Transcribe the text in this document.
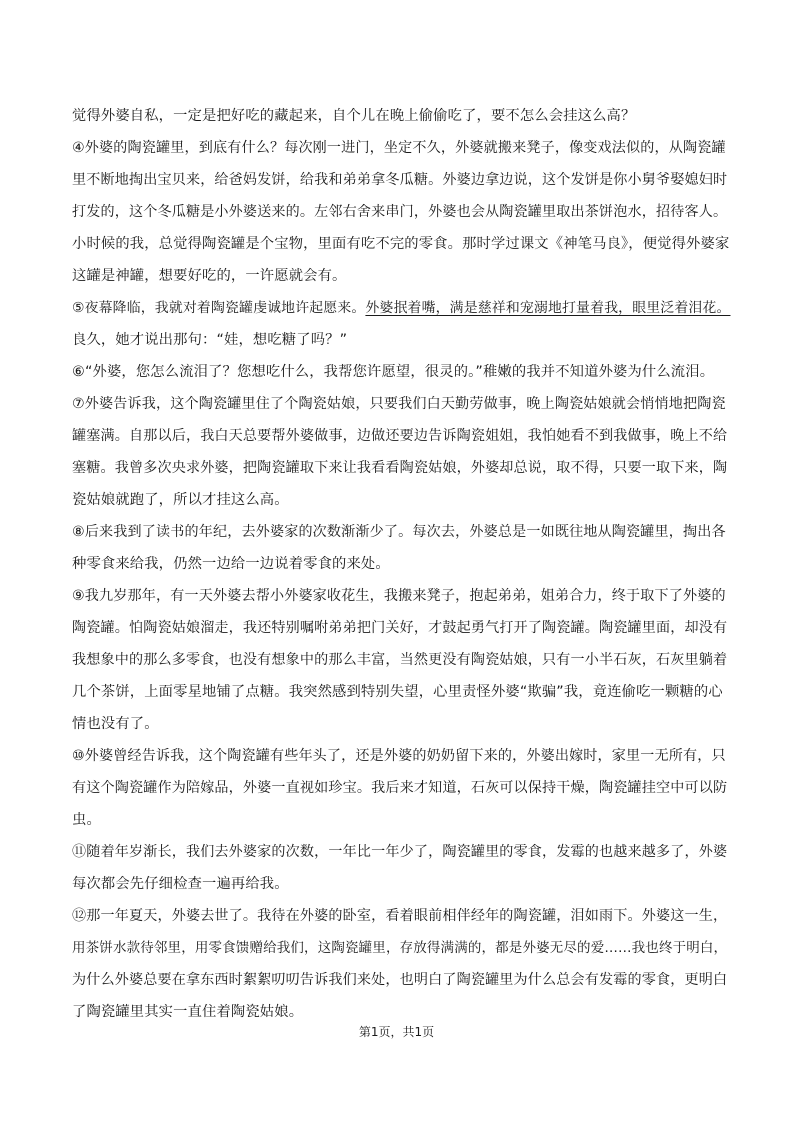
觉得外婆自私，一定是把好吃的藏起来，自个儿在晚上偷偷吃了，要不怎么会挂这么高？
④外婆的陶瓷罐里，到底有什么？每次刚一进门，坐定不久，外婆就搬来凳子，像变戏法似的，从陶瓷罐
里不断地掏出宝贝来，给爸妈发饼，给我和弟弟拿冬瓜糖。外婆边拿边说，这个发饼是你小舅爷娶媳妇时
打发的，这个冬瓜糖是小外婆送来的。左邻右舍来串门，外婆也会从陶瓷罐里取出茶饼泡水，招待客人。
小时候的我，总觉得陶瓷罐是个宝物，里面有吃不完的零食。那时学过课文《神笔马良》，便觉得外婆家
这罐是神罐，想要好吃的，一许愿就会有。
⑤夜幕降临，我就对着陶瓷罐虔诚地许起愿来。外婆抿着嘴，满是慈祥和宠溺地打量着我，眼里泛着泪花。
良久，她才说出那句：“娃，想吃糖了吗？”
⑥“外婆，您怎么流泪了？您想吃什么，我帮您许愿望，很灵的。”稚嫩的我并不知道外婆为什么流泪。
⑦外婆告诉我，这个陶瓷罐里住了个陶瓷姑娘，只要我们白天勤劳做事，晚上陶瓷姑娘就会悄悄地把陶瓷
罐塞满。自那以后，我白天总要帮外婆做事，边做还要边告诉陶瓷姐姐，我怕她看不到我做事，晚上不给
塞糖。我曾多次央求外婆，把陶瓷罐取下来让我看看陶瓷姑娘，外婆却总说，取不得，只要一取下来，陶
瓷姑娘就跑了，所以才挂这么高。
⑧后来我到了读书的年纪，去外婆家的次数渐渐少了。每次去，外婆总是一如既往地从陶瓷罐里，掏出各
种零食来给我，仍然一边给一边说着零食的来处。
⑨我九岁那年，有一天外婆去帮小外婆家收花生，我搬来凳子，抱起弟弟，姐弟合力，终于取下了外婆的
陶瓷罐。怕陶瓷姑娘溜走，我还特别嘱咐弟弟把门关好，才鼓起勇气打开了陶瓷罐。陶瓷罐里面，却没有
我想象中的那么多零食，也没有想象中的那么丰富，当然更没有陶瓷姑娘，只有一小半石灰，石灰里躺着
几个茶饼，上面零星地铺了点糖。我突然感到特别失望，心里责怪外婆“欺骗”我，竟连偷吃一颗糖的心
情也没有了。
⑩外婆曾经告诉我，这个陶瓷罐有些年头了，还是外婆的奶奶留下来的，外婆出嫁时，家里一无所有，只
有这个陶瓷罐作为陪嫁品，外婆一直视如珍宝。我后来才知道，石灰可以保持干燥，陶瓷罐挂空中可以防
虫。
⑪随着年岁渐长，我们去外婆家的次数，一年比一年少了，陶瓷罐里的零食，发霉的也越来越多了，外婆
每次都会先仔细检查一遍再给我。
⑫那一年夏天，外婆去世了。我待在外婆的卧室，看着眼前相伴经年的陶瓷罐，泪如雨下。外婆这一生，
用茶饼水款待邻里，用零食馈赠给我们，这陶瓷罐里，存放得满满的，都是外婆无尽的爱……我也终于明白，
为什么外婆总要在拿东西时絮絮叨叨告诉我们来处，也明白了陶瓷罐里为什么总会有发霉的零食，更明白
了陶瓷罐里其实一直住着陶瓷姑娘。
第1页，共1页
